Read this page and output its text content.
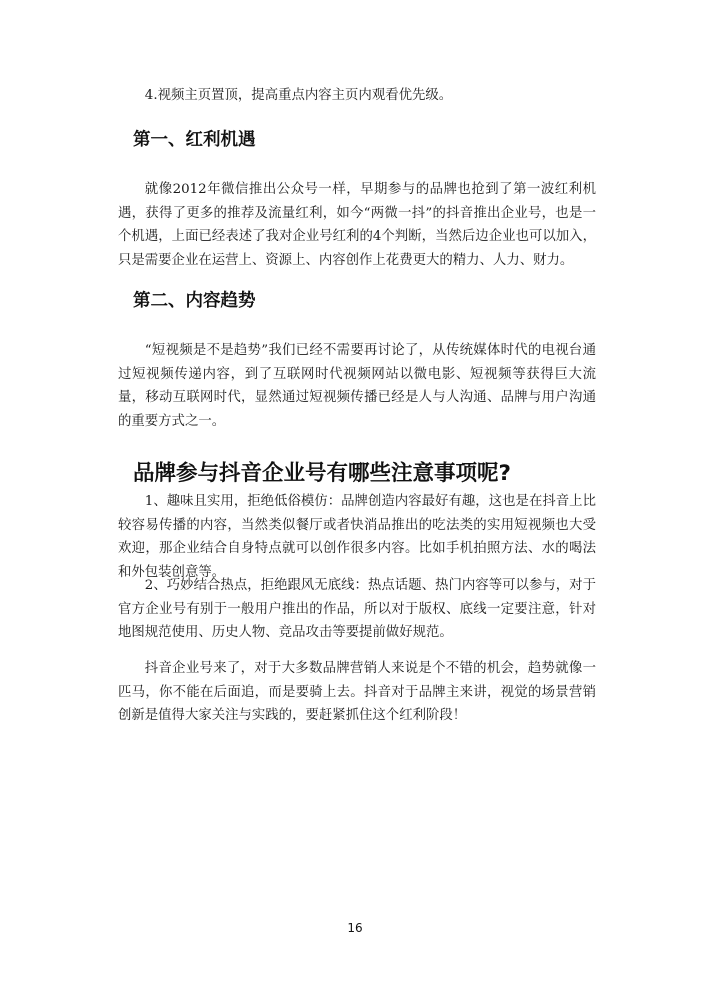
4.视频主页置顶，提高重点内容主页内观看优先级。

第一、红利机遇

就像2012年微信推出公众号一样，早期参与的品牌也抢到了第一波红利机遇，获得了更多的推荐及流量红利，如今“两微一抖”的抖音推出企业号，也是一个机遇，上面已经表述了我对企业号红利的4个判断，当然后边企业也可以加入，只是需要企业在运营上、资源上、内容创作上花费更大的精力、人力、财力。

第二、内容趋势

“短视频是不是趋势”我们已经不需要再讨论了，从传统媒体时代的电视台通过短视频传递内容，到了互联网时代视频网站以微电影、短视频等获得巨大流量，移动互联网时代，显然通过短视频传播已经是人与人沟通、品牌与用户沟通的重要方式之一。

品牌参与抖音企业号有哪些注意事项呢?

1、趣味且实用，拒绝低俗模仿：品牌创造内容最好有趣，这也是在抖音上比较容易传播的内容，当然类似餐厅或者快消品推出的吃法类的实用短视频也大受欢迎，那企业结合自身特点就可以创作很多内容。比如手机拍照方法、水的喝法和外包装创意等。

2、巧妙结合热点，拒绝跟风无底线：热点话题、热门内容等可以参与，对于官方企业号有别于一般用户推出的作品，所以对于版权、底线一定要注意，针对地图规范使用、历史人物、竞品攻击等要提前做好规范。

抖音企业号来了，对于大多数品牌营销人来说是个不错的机会，趋势就像一匹马，你不能在后面追，而是要骑上去。抖音对于品牌主来讲，视觉的场景营销创新是值得大家关注与实践的，要赶紧抓住这个红利阶段！

16
